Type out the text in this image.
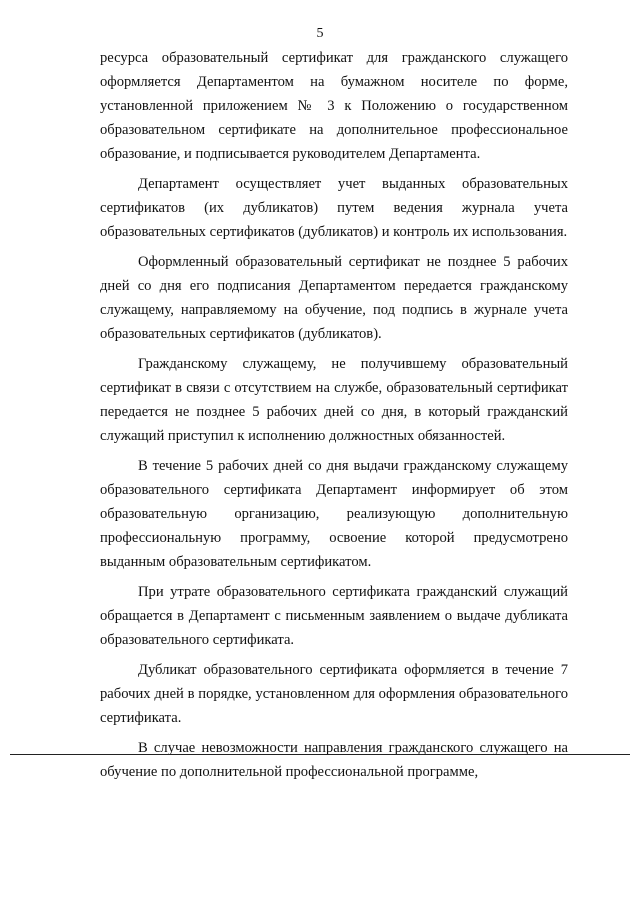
5

ресурса образовательный сертификат для гражданского служащего оформляется Департаментом на бумажном носителе по форме, установленной приложением № 3 к Положению о государственном образовательном сертификате на дополнительное профессиональное образование, и подписывается руководителем Департамента.

Департамент осуществляет учет выданных образовательных сертификатов (их дубликатов) путем ведения журнала учета образовательных сертификатов (дубликатов) и контроль их использования.

Оформленный образовательный сертификат не позднее 5 рабочих дней со дня его подписания Департаментом передается гражданскому служащему, направляемому на обучение, под подпись в журнале учета образовательных сертификатов (дубликатов).

Гражданскому служащему, не получившему образовательный сертификат в связи с отсутствием на службе, образовательный сертификат передается не позднее 5 рабочих дней со дня, в который гражданский служащий приступил к исполнению должностных обязанностей.

В течение 5 рабочих дней со дня выдачи гражданскому служащему образовательного сертификата Департамент информирует об этом образовательную организацию, реализующую дополнительную профессиональную программу, освоение которой предусмотрено выданным образовательным сертификатом.

При утрате образовательного сертификата гражданский служащий обращается в Департамент с письменным заявлением о выдаче дубликата образовательного сертификата.

Дубликат образовательного сертификата оформляется в течение 7 рабочих дней в порядке, установленном для оформления образовательного сертификата.

В случае невозможности направления гражданского служащего на обучение по дополнительной профессиональной программе,
